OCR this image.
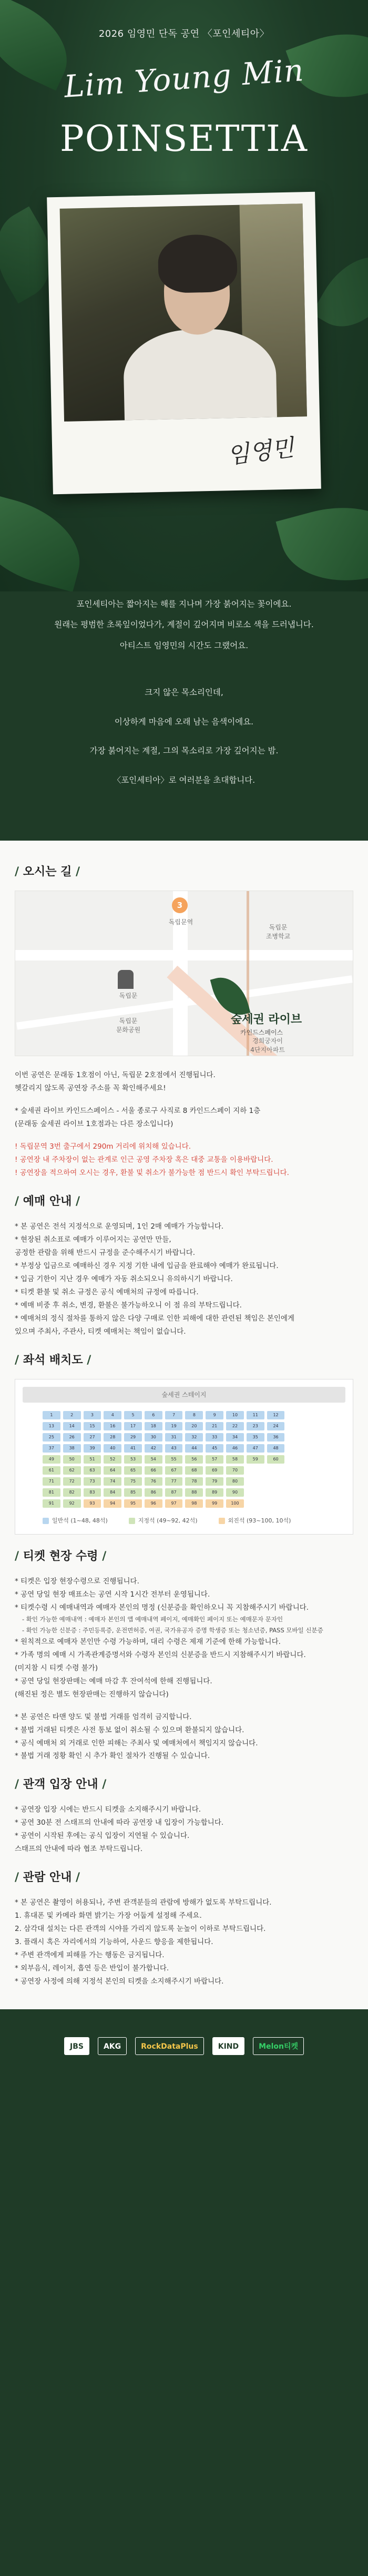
2026 임영민 단독 공연 〈포인세티아〉
Lim Young Min
POINSETTIA
임영민

포인세티아는 짧아지는 해를 지나며 가장 붉어지는 꽃이에요.

원래는 평범한 초록잎이었다가, 계절이 깊어지며 비로소 색을 드러냅니다.

아티스트 임영민의 시간도 그랬어요.

크지 않은 목소리인데,

이상하게 마음에 오래 남는 음색이에요.

가장 붉어지는 계절, 그의 목소리로 가장 깊어지는 밤.

〈포인세티아〉로 여러분을 초대합니다.

/ 오시는 길 /
3
독립문역
독립문
독립문
문화공원
독립문
조병학교
숲세권 라이브
카인드스페이스
경희궁자이
4단지아파트

이번 공연은 문래동 1호점이 아닌, 독립문 2호점에서 진행됩니다.

헷갈리지 않도록 공연장 주소를 꼭 확인해주세요!

* 숲세권 라이브 카인드스페이스 - 서울 종로구 사직로 8 카인드스페이 지하 1층

(문래동 숲세권 라이브 1호점과는 다른 장소입니다)

! 독립문역 3번 출구에서 290m 거리에 위치해 있습니다.

! 공연장 내 주차장이 없는 관계로 인근 공영 주차장 혹은 대중 교통을 이용바랍니다.

! 공연장을 적으하여 오시는 경우, 환불 및 취소가 불가능한 점 반드시 확인 부탁드립니다.

/ 예매 안내 /

* 본 공연은 전석 지정석으로 운영되며, 1인 2매 예매가 가능합니다.

* 현장된 취소표로 예매가 이루어지는 공연만 만들,

공정한 관람을 위해 반드시 규정을 준수해주시기 바랍니다.

* 부정상 입금으로 예매하신 경우 지정 기한 내에 입금을 완료해야 예매가 완료됩니다.

* 입금 기한이 지난 경우 예매가 자동 취소되오니 유의하시기 바랍니다.

* 티켓 환불 및 취소 규정은 공식 예매처의 규정에 따릅니다.

* 예매 비중 후 취소, 변경, 환불은 불가능하오니 이 점 유의 부탁드립니다.

* 예매처의 정식 절차를 통하지 않은 다양 구매로 인한 피해에 대한 관련된 책임은 본인에게

있으며 주최사, 주관사, 티켓 예매처는 책임이 없습니다.

/ 좌석 배치도 /
숲세권 스테이지
1	2	3	4	5	6	7	8	9	10	11	12
13	14	15	16	17	18	19	20	21	22	23	24
25	26	27	28	29	30	31	32	33	34	35	36
37	38	39	40	41	42	43	44	45	46	47	48
49	50	51	52	53	54	55	56	57	58	59	60
61	62	63	64	65	66	67	68	69	70
71	72	73	74	75	76	77	78	79	80
81	82	83	84	85	86	87	88	89	90
91	92	93	94	95	96	97	98	99	100
일반석 (1~48, 48석)	지정석 (49~92, 42석)	외진석 (93~100, 10석)
/ 티켓 현장 수령 /

* 티켓은 입장 현장수령으로 진행됩니다.

* 공연 당일 현장 매표소는 공연 시작 1시간 전부터 운영됩니다.

* 티켓수령 시 예매내역과 예매자 본인의 명정 (신분증을 확인하오니 꼭 지참해주시기 바랍니다.

- 확인 가능한 예매내역 : 예매자 본인의 앱 예매내역 페이지, 예매확인 페이지 또는 예매문자 문자인

- 확인 가능한 신분증 : 주민등록증, 운전면허증, 여권, 국가유공자 증명 학생증 또는 청소년증, PASS 모바일 신분증

* 원칙적으로 예매자 본인만 수령 가능하며, 대리 수령은 제재 기준에 한해 가능합니다.

* 가족 명의 예매 시 가족관계증명서와 수령자 본인의 신분증을 반드시 지참해주시기 바랍니다.

(미지참 시 티켓 수령 불가)

* 공연 당일 현장판매는 예매 마감 후 잔여석에 한해 진행됩니다.

(해진된 정은 별도 현장판매는 진행하지 않습니다)

* 본 공연은 타맨 양도 및 불법 거래를 엄격히 금지합니다.

* 불법 거래된 티켓은 사전 통보 없이 취소될 수 있으며 환불되지 않습니다.

* 공식 예매처 외 거래로 인한 피해는 주최사 및 예매처에서 책임지지 않습니다.

* 불법 거래 정황 확인 시 추가 확인 절차가 진행될 수 있습니다.

/ 관객 입장 안내 /

* 공연장 입장 시에는 반드시 티켓을 소지해주시기 바랍니다.

* 공연 30분 전 스태프의 안내에 따라 공연장 내 입장이 가능합니다.

* 공연이 시작된 후에는 공식 입장이 지연될 수 있습니다.

스태프의 안내에 따라 협조 부탁드립니다.

/ 관람 안내 /

* 본 공연은 촬영이 허용되나, 주변 관객분들의 관람에 방해가 없도록 부탁드립니다.

1. 휴대폰 및 카메라 화면 밝기는 가장 어둡게 설정해 주세요.

2. 삼각대 설치는 다른 관객의 시야를 가리지 않도록 눈높이 이하로 부탁드립니다.

3. 플래시 혹은 자리에서의 기능하여, 사운드 향응을 제한됩니다.

* 주변 관객에게 피해를 가는 행동은 금지됩니다.

* 외부음식, 레이저, 흡연 등은 반입이 불가합니다.

* 공연장 사정에 의해 지정석 본인의 티켓을 소지해주시기 바랍니다.

JBS	AKG	RockDataPlus	KIND	Melon티켓
